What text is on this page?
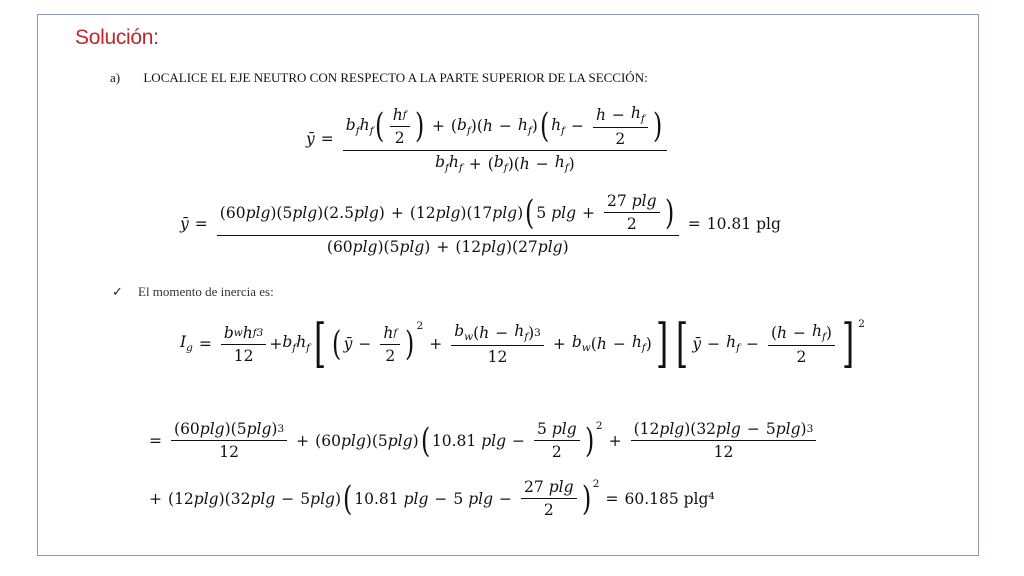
Solución:
a) LOCALICE EL EJE NEUTRO CON RESPECTO A LA PARTE SUPERIOR DE LA SECCIÓN:
ȳ =
$b_fh_f$ ( $\frac{\text{h f}}{2}$ ) + ( $b_f$ )( $h - h_f$ ) ( $h_f - \frac{h - h_f}{2}$ )
$b_fh_f$ + ( $b_f$ )( $h - h_f$ )
ȳ =
( 60 plg )( 5 plg )( 2.5 plg ) + ( 12 plg )( 17 plg ) ( 5
plg + 27
plg
2 )
( 60 plg )( 5 plg ) + ( 12 plg )( 27 plg )
= 10.81 plg
✓ El momento de inercia es:
$I_g = \frac{\text{b w h f 3}}{12} + b_fh_f$ [ ( ȳ − $\frac{\text{h f}}{2} )^2$
+ $\frac{b_w ( h - h_f ) 3}{12} + b_w$ ( $h - h_f$ ) ] [ ȳ − $h_f - \frac{( h - h_f )}{2}$ ] $^2$
= $\frac{( 60 plg )( 5 plg ) 3}{12}$ + ( 60 plg )( 5 plg ) ( 10.81
plg − 5
plg
2 )$^2$
+ $\frac{( 12 plg )( 32 plg - 5 plg ) 3}{12}$
+ ( 12 plg )( 32 plg − 5 plg ) ( 10.81
plg − 5
plg − 27
plg
2 )$^2$
= 60.185 plg⁴
